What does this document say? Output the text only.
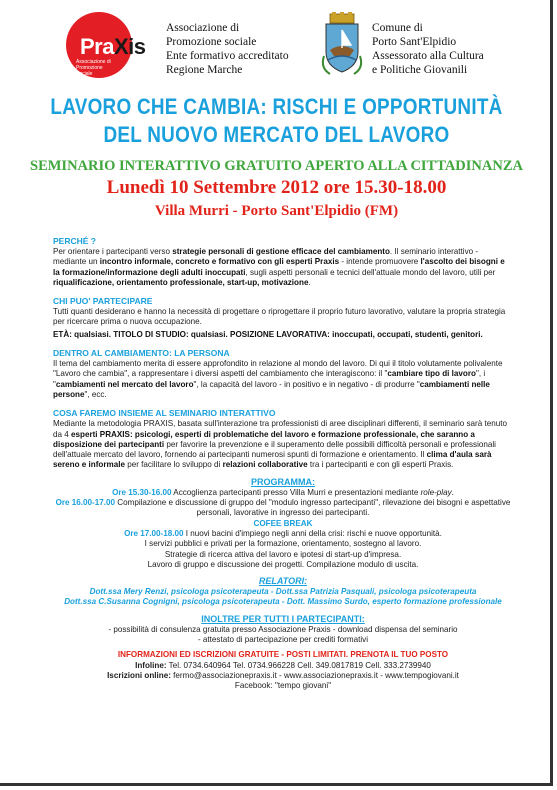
PraXis
Associazione di Promozione Sociale
Associazione di
Promozione sociale
Ente formativo accreditato
Regione Marche
Comune di
Porto Sant'Elpidio
Assessorato alla Cultura
e Politiche Giovanili
LAVORO CHE CAMBIA: RISCHI E OPPORTUNITÀ
DEL NUOVO MERCATO DEL LAVORO
SEMINARIO INTERATTIVO GRATUITO APERTO ALLA CITTADINANZA
Lunedì 10 Settembre 2012 ore 15.30-18.00
Villa Murri - Porto Sant'Elpidio (FM)

PERCHÉ ?

Per orientare i partecipanti verso strategie personali di gestione efficace del cambiamento. Il seminario interattivo - mediante un incontro informale, concreto e formativo con gli esperti Praxis - intende promuovere l'ascolto dei bisogni e la formazione/informazione degli adulti inoccupati, sugli aspetti personali e tecnici dell'attuale mondo del lavoro, utili per riqualificazione, orientamento professionale, start-up, motivazione.

CHI PUO' PARTECIPARE

Tutti quanti desiderano e hanno la necessità di progettare o riprogettare il proprio futuro lavorativo, valutare la propria strategia per ricercare prima o nuova occupazione.

ETÀ: qualsiasi. TITOLO DI STUDIO: qualsiasi. POSIZIONE LAVORATIVA: inoccupati, occupati, studenti, genitori.

DENTRO AL CAMBIAMENTO: LA PERSONA

Il tema del cambiamento merita di essere approfondito in relazione al mondo del lavoro. Di qui il titolo volutamente polivalente "Lavoro che cambia", a rappresentare i diversi aspetti del cambiamento che interagiscono: il "cambiare tipo di lavoro", i "cambiamenti nel mercato del lavoro", la capacità del lavoro - in positivo e in negativo - di produrre "cambiamenti nelle persone", ecc.

COSA FAREMO INSIEME AL SEMINARIO INTERATTIVO

Mediante la metodologia PRAXIS, basata sull'interazione tra professionisti di aree disciplinari differenti, il seminario sarà tenuto da 4 esperti PRAXIS: psicologi, esperti di problematiche del lavoro e formazione professionale, che saranno a disposizione dei partecipanti per favorire la prevenzione e il superamento delle possibili difficoltà personali e professionali dell'attuale mercato del lavoro, fornendo ai partecipanti numerosi spunti di formazione e orientamento. Il clima d'aula sarà sereno e informale per facilitare lo sviluppo di relazioni collaborative tra i partecipanti e con gli esperti Praxis.

PROGRAMMA:

Ore 15.30-16.00 Accoglienza partecipanti presso Villa Murri e presentazioni mediante role-play.

Ore 16.00-17.00 Compilazione e discussione di gruppo del "modulo ingresso partecipanti", rilevazione dei bisogni e aspettative personali, lavorative in ingresso dei partecipanti.

COFEE BREAK

Ore 17.00-18.00 I nuovi bacini d'impiego negli anni della crisi: rischi e nuove opportunità.

I servizi pubblici e privati per la formazione, orientamento, sostegno al lavoro.

Strategie di ricerca attiva del lavoro e ipotesi di start-up d'impresa.

Lavoro di gruppo e discussione dei progetti. Compilazione modulo di uscita.

RELATORI:
Dott.ssa Mery Renzi, psicologa psicoterapeuta - Dott.ssa Patrizia Pasquali, psicologa psicoterapeuta
Dott.ssa C.Susanna Cognigni, psicologa psicoterapeuta - Dott. Massimo Surdo, esperto formazione professionale
INOLTRE PER TUTTI I PARTECIPANTI:
- possibilità di consulenza gratuita presso Associazione Praxis - download dispensa del seminario
- attestato di partecipazione per crediti formativi
INFORMAZIONI ED ISCRIZIONI GRATUITE - POSTI LIMITATI. PRENOTA IL TUO POSTO
Infoline: Tel. 0734.640964 Tel. 0734.966228 Cell. 349.0817819 Cell. 333.2739940
Iscrizioni online: fermo@associazionepraxis.it - www.associazionepraxis.it - www.tempogiovani.it
Facebook: "tempo giovani"
